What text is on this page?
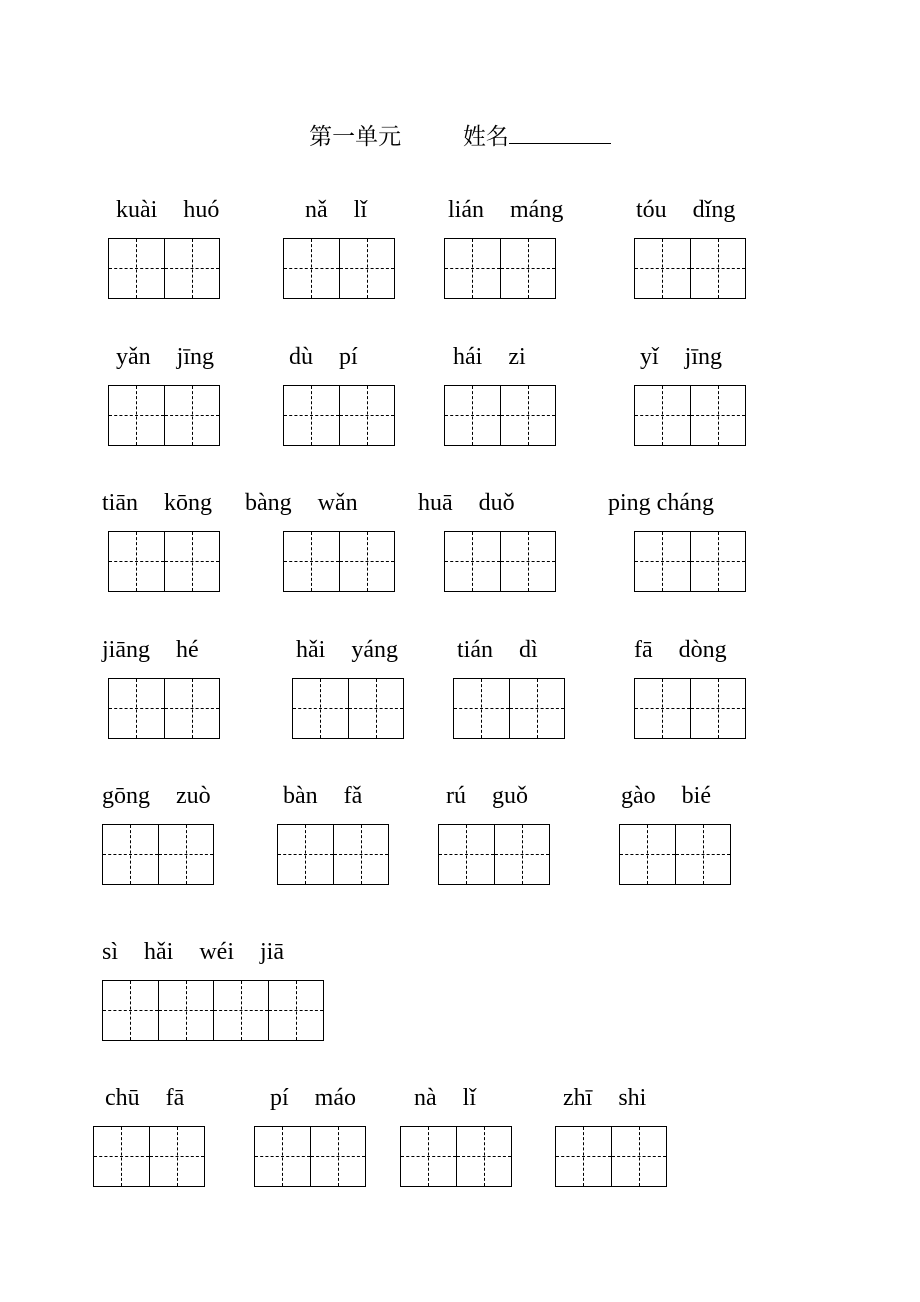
第一单元	姓名
kuài huó	nǎ lǐ	lián máng	tóu dǐng
yǎn jīng	dù pí	hái zi	yǐ jīng
tiān kōng	bàng wǎn	huā duǒ	ping cháng
jiāng hé	hǎi yáng	tián dì	fā dòng
gōng zuò	bàn fǎ	rú guǒ	gào bié
sì hǎi wéi jiā
chū fā	pí máo	nà lǐ	zhī shi
